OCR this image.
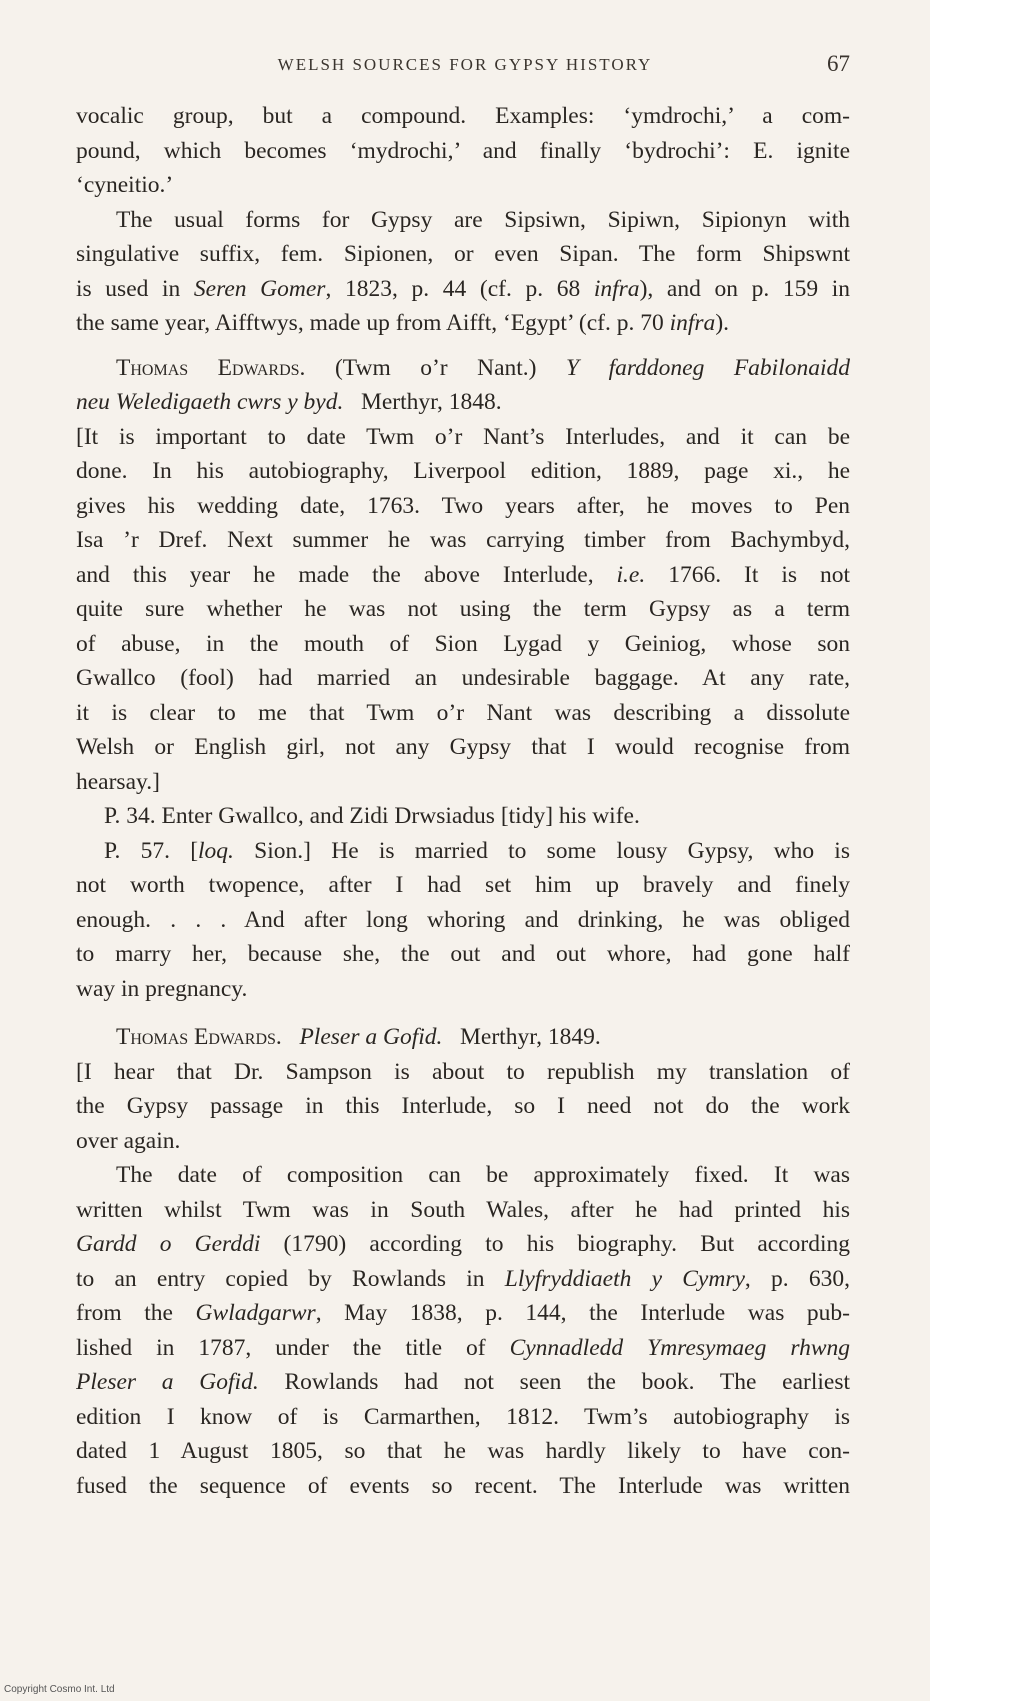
WELSH SOURCES FOR GYPSY HISTORY	67
vocalic group, but a compound. Examples: ‘ymdrochi,’ a com-
pound, which becomes ‘mydrochi,’ and finally ‘bydrochi’: E. ignite
‘cyneitio.’
The usual forms for Gypsy are Sipsiwn, Sipiwn, Sipionyn with
singulative suffix, fem. Sipionen, or even Sipan. The form Shipswnt
is used in Seren Gomer, 1823, p. 44 (cf. p. 68 infra), and on p. 159 in
the same year, Aifftwys, made up from Aifft, ‘Egypt’ (cf. p. 70 infra).
Thomas Edwards. (Twm o’r Nant.) Y farddoneg Fabilonaidd
neu Weledigaeth cwrs y byd. Merthyr, 1848.
[It is important to date Twm o’r Nant’s Interludes, and it can be
done. In his autobiography, Liverpool edition, 1889, page xi., he
gives his wedding date, 1763. Two years after, he moves to Pen
Isa ’r Dref. Next summer he was carrying timber from Bachymbyd,
and this year he made the above Interlude, i.e. 1766. It is not
quite sure whether he was not using the term Gypsy as a term
of abuse, in the mouth of Sion Lygad y Geiniog, whose son
Gwallco (fool) had married an undesirable baggage. At any rate,
it is clear to me that Twm o’r Nant was describing a dissolute
Welsh or English girl, not any Gypsy that I would recognise from
hearsay.]
P. 34. Enter Gwallco, and Zidi Drwsiadus [tidy] his wife.
P. 57. [loq. Sion.] He is married to some lousy Gypsy, who is
not worth twopence, after I had set him up bravely and finely
enough. . . . And after long whoring and drinking, he was obliged
to marry her, because she, the out and out whore, had gone half
way in pregnancy.
Thomas Edwards. Pleser a Gofid. Merthyr, 1849.
[I hear that Dr. Sampson is about to republish my translation of
the Gypsy passage in this Interlude, so I need not do the work
over again.
The date of composition can be approximately fixed. It was
written whilst Twm was in South Wales, after he had printed his
Gardd o Gerddi (1790) according to his biography. But according
to an entry copied by Rowlands in Llyfryddiaeth y Cymry, p. 630,
from the Gwladgarwr, May 1838, p. 144, the Interlude was pub-
lished in 1787, under the title of Cynnadledd Ymresymaeg rhwng
Pleser a Gofid. Rowlands had not seen the book. The earliest
edition I know of is Carmarthen, 1812. Twm’s autobiography is
dated 1 August 1805, so that he was hardly likely to have con-
fused the sequence of events so recent. The Interlude was written
Copyright Cosmo Int. Ltd
